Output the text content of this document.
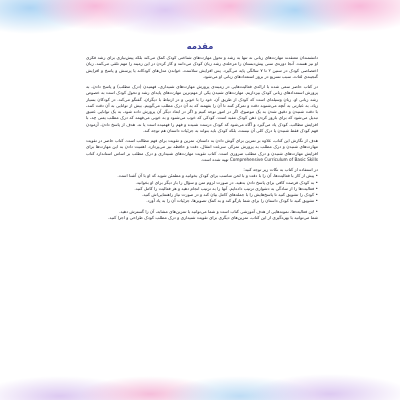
مقدمه

دانشمندان معتقدند مهارت‌های زبانی نه تنها به رشد و تحول مهارت‌های شناختی کودک کمک می‌کند بلکه پیش‌نیازی برای رشد فکری او نیز هست. آنجا دوره‌ی سنی پیش‌دبستان را مرحله‌ی رشد زبان کودک می‌دانند و کار کردن در این زمینه را مهم تلقی می‌کنند. زبان اختصاصی کودک در سنین ۲ تا ۷ سالگی پایه می‌گیرد. پس افزایش سلاست، خواندن مدل‌های کودکانه یا پرسش و پاسخ و افزایش گنجینه‌ی لغات، سبب تسریع در بروز استعدادهای زبانی او می‌شود.

در کتاب حاضر سعی شده با ارائه‌ی فعالیت‌هایی در زمینه‌ی پرورش مهارت‌های شنیداری، فهمیدن (درک مطلب) و پاسخ دادن، به پرورش استعدادهای زبانی کودک بپردازیم. مهارت‌های شنیدن یکی از مهم‌ترین مهارت‌های پایه‌ای رشد و تحول کودک است به خصوص رشد زبانی او. زبان وسیله‌ای است که کودک از طریق آن، خود را با خوبی و در ارتباط با دیگران، گفتگو می‌کند. در کودکان بسیار زیاد، به عبارتی به آنچه می‌شنوند دقت و تمرکز کنند تا آن را بفهمند که به آن درک مطلب می‌گوییم. بیش از توانایی به آن دقت کنند، با دقت شنیدن و دقیق شدن به یک موضوع، اگر در امور توجه کنیم و اگر در ابعاد دیگر آن پرورش داده شود، به یک توانایی عمیق تبدیل می‌شود که برای بارور کردن ذهن کودک مفید است. کودکی که خوب می‌شنود و به خوبی می‌فهمد که درک مطلب یعنی چه، با افزایش مطالب، کودک یاد می‌گیرد و آگاه می‌شود که کودک درست شنیده و فهم را فهمیده است یا نه. هدف از پاسخ دادن، آزمودن فهم کودک فقط شنیدن یا درک کلی آن نیست، بلکه کودک باید بتواند به جزئیات داستان هم توجه کند.

هدف از نگارش این کتاب، علاوه بر تمرین برای گوش دادن به داستان، تمرین و تقویت برای فهم مطالب است. کتاب حاضر در تقویت مهارت‌های شنیدن و درک مطلب به پرورش تمرکز، سرعت انتقال، دقت و حافظه نیز می‌پردازد. اهمیت دادن به این مهارت‌ها برای افزایش مهارت‌های شنیدن و درک مطلب ضروری است. کتاب تقویت مهارت‌های شنیداری و درک مطلب بر اساس استاندارد کتاب Comprehensive Curriculum of Basic Skills تهیه شده است.

در استفاده از کتاب به نکات زیر توجه کنید:

• پیش از کار با فعالیت‌ها، آن را با دقت و با لحن مناسب برای کودک بخوانید و مطمئن شوید که او با آن آشنا است.

• به کودک فرصت کافی برای پاسخ دادن بدهید. در صورت لزوم متن و سؤال را بار دیگر برای او بخوانید.

• فعالیت‌ها را از سادگی به دشواری ترتیب داده‌ایم. آنها را به ترتیب انجام دهید و هر فعالیت را کامل کنید.

• کودک را تشویق کنید تا پاسخ‌هایش را با جمله‌های کامل بیان کند و در صورت نیاز راهنمایی‌اش کنید.

• تشویق کنید تا کودک داستان را برای شما بازگو کند و به کمک تصویرها، جزئیات آن را به یاد آورد.

• این فعالیت‌ها، نمونه‌هایی از هدف آموزشی کتاب است و شما می‌توانید با تمرین‌های مشابه، آن را گسترش دهید.

شما می‌توانید با بهره‌گیری از این کتاب، تمرین‌های دیگری برای تقویت شنیداری و درک مطلب کودک طراحی و اجرا کنید.
